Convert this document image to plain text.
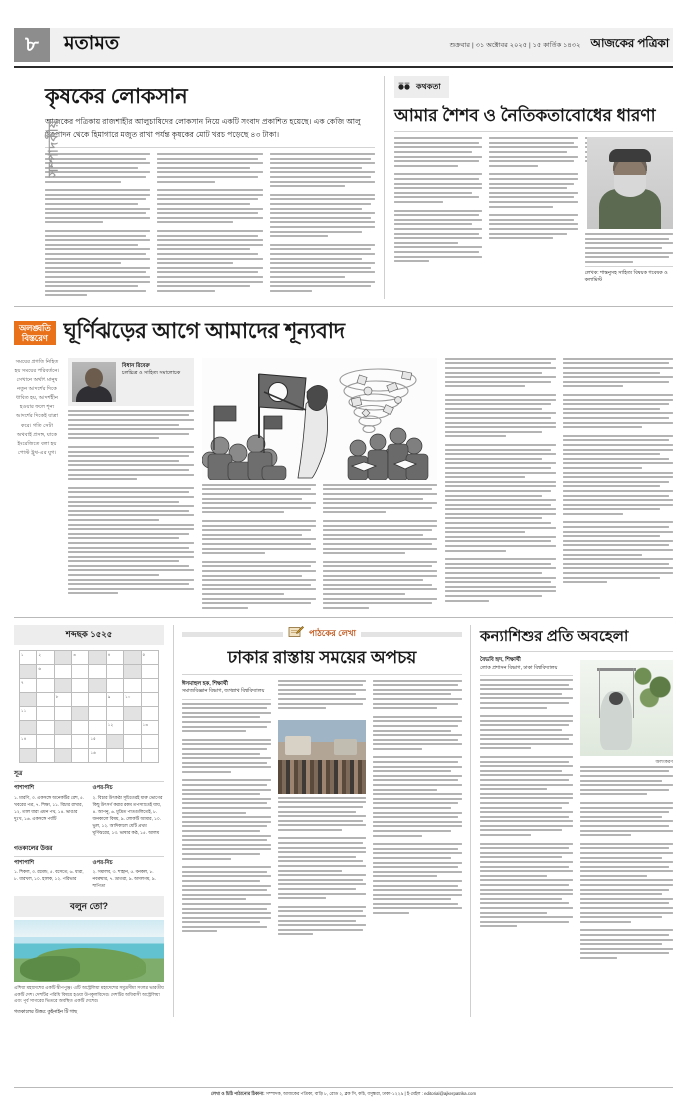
৮	মতামত	শুক্রবার | ৩১ অক্টোবর ২০২৫ | ১৫ কার্তিক ১৪৩২ আজকের পত্রিকা
সম্পাদকীয়
কৃষকের লোকসান
আজকের পত্রিকায় রাজশাহীর আলুচাষিদের লোকসান নিয়ে একটি সংবাদ প্রকাশিত হয়েছে। এক কেজি আলু উৎপাদন থেকে হিমাগারে মজুত রাখা পর্যন্ত কৃষকের মোট খরচ পড়েছে ৪৩ টাকা।
কথকতা
আমার শৈশব ও নৈতিকতাবোধের ধারণা
লেখক: শান্তনুসহ সাহিত্য বিষয়ক গবেষক ও কলামিস্ট
অলঙ্ঘতি
বিস্তরেণ ঘূর্ণিঝড়ের আগে আমাদের শূন্যবাদ
সময়ের প্রগতি নিহিত হয় সময়ের পরিবর্তনে। সেখানে অর্থাৎ মানুষ নতুন আদর্শের দিকে ধাবিত হয়, আদর্শহীন হওয়ার ফলে শূন্য আদর্শের দিকেই যাত্রা করে। গতি সেটা অথবাই প্রসঙ্গ, যাকে ইংরেজিতে বলা হয় পোস্ট ট্রুথ-এর যুগ।
বিধান রিবেরু
চলচ্চিত্র ও সাহিত্য সমালোচক
শব্দছক ১৫২৫
১	২		৩		৪		৫
	৬						
৭							
		৮			৯	১০	
১১							
					১২		১৩
১৪				১৫			
				১৬			
সূত্র
পাশাপাশি
১. মারণি, ৩. একসঙ্গে অনেকটির রেশ, ৫. খবরের পত্র, ৭. শিক্ষা, ১১. বিচার রাখার, ১২. তাল ধারা এমন পথ, ১৪. ভাঙার দুঃখ, ১৬. একসঙ্গে পর্বটি
ওপর-নিচ
২. বিচার উৎকণ্ঠা সূচিতেরই ধারু ভোগের কিছু উৎসর্গ করার রকম তপস্যাতেই যায়, ৪. আপনু, ৬. মুদ্রিত পাতগুলিতেই, ৮. জনকালে বিষয়, ৯. লোকটি আমার, ১০. ভুল, ১২. আদিকালে যেটি প্রথম ঘূর্ণিঝরের, ১৩. ভাষার কণ্ঠ, ১৫. আলম
গতকালের উত্তর
পাশাপাশি
১. শিকল, ৩. রমেন্ড, ৫. বসেতে, ৬. ধারা, ৮. ধারখল, ১০. হালক, ১২. পরিভার
ওপর-নিচ
২. সমালব, ৩. শাহান, ৫. বনকল, ৮. নবরুমার, ৭. ভ্রাতরা, ৯. অসলগম, ৯. শাপিতা
বলুন তো?
এশিয়া মহাদেশের একটি দ্বীপপুঞ্জ। এটি অস্ট্রেলিয়া মহাদেশের সমুদ্রসীমা সংলগ্ন ভারতীয় একটি দেশ। দেশটির পরিধি বিষয়ে হওয়া উপকূলবিদের। দেশটির অধিবাসী অস্ট্রেলিয়া এবং পূর্ব সাগরের ভিতরে অবস্থিত একটি দেশের।
গতকালের উত্তর: কুইনাইন টি গাছ
পাঠকের লেখা
ঢাকার রাস্তায় সময়ের অপচয়
ঈসমাহুল হক, শিক্ষার্থী
সমাজবিজ্ঞান বিভাগ, জগন্নাথ বিশ্ববিদ্যালয়
কন্যাশিশুর প্রতি অবহেলা
বৈভবি হৃদ, শিক্ষার্থী
লোক প্রশাসন বিভাগ, ঢাকা বিশ্ববিদ্যালয়
অলংকরণ
লেখা ও চিঠি পাঠানোর ঠিকানা: সম্পাদক, আজকের পত্রিকা, বাড়ি ৮, রোড ২, ব্লক সি, কচি, বসুন্ধরা, ঢাকা-১২২৯ | ই-মেইল : editorial@ajkerpatrika.com
